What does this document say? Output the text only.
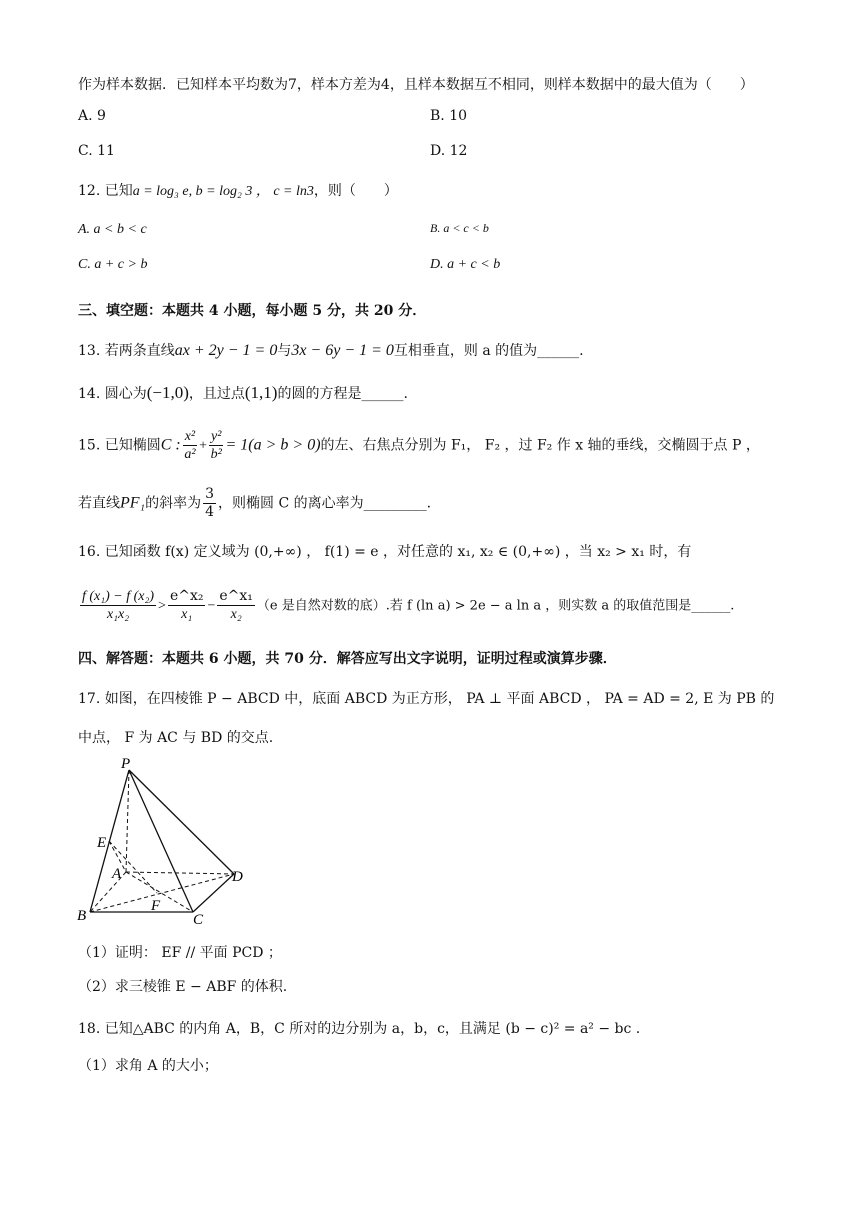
作为样本数据．已知样本平均数为7，样本方差为4，且样本数据互不相同，则样本数据中的最大值为（　　）
A. 9	B. 10
C. 11	D. 12
12. 已知a = log₃ e, b = log₂ 3 ， c = ln3，则（　　）
A. a < b < c	B. a < c < b
C. a + c > b	D. a + c < b
三、填空题：本题共 4 小题，每小题 5 分，共 20 分．
13. 若两条直线ax + 2y − 1 = 0与3x − 6y − 1 = 0互相垂直，则 a 的值为______.
14. 圆心为(−1,0)，且过点(1,1)的圆的方程是______.
15. 已知椭圆C : $\frac{\text{x²}}{\text{a²}} + \frac{\text{y²}}{\text{b²}} = 1(a > b > 0)$的左、右焦点分别为 F₁， F₂ ，过 F₂ 作 x 轴的垂线，交椭圆于点 P ，
若直线PF₁的斜率为 $\frac{3}{4}$ ，则椭圆 C 的离心率为_________.
16. 已知函数 f(x) 定义域为 (0,+∞) ， f(1) = e ，对任意的 x₁, x₂ ∈ (0,+∞) ，当 x₂ > x₁ 时，有
$\frac{\text{f (x₁) − f (x₂)}}{\text{x₁x₂}} > \frac{\text{e\textasciicircum{}x₂}}{\text{x₁}} - \frac{\text{e\textasciicircum{}x₁}}{\text{x₂}} (e$ 是自然对数的底）.若 f (ln a) > 2e − a ln a ，则实数 a 的取值范围是______.
四、解答题：本题共 6 小题，共 70 分．解答应写出文字说明，证明过程或演算步骤．
17. 如图，在四棱锥 P − ABCD 中，底面 ABCD 为正方形， PA ⊥ 平面 ABCD ， PA = AD = 2, E 为 PB 的
中点， F 为 AC 与 BD 的交点.
P
E
A	D
B
F
C
（1）证明： EF // 平面 PCD ；
（2）求三棱锥 E − ABF 的体积.
18. 已知△ABC 的内角 A，B，C 所对的边分别为 a，b，c，且满足 (b − c)² = a² − bc .
（1）求角 A 的大小；
